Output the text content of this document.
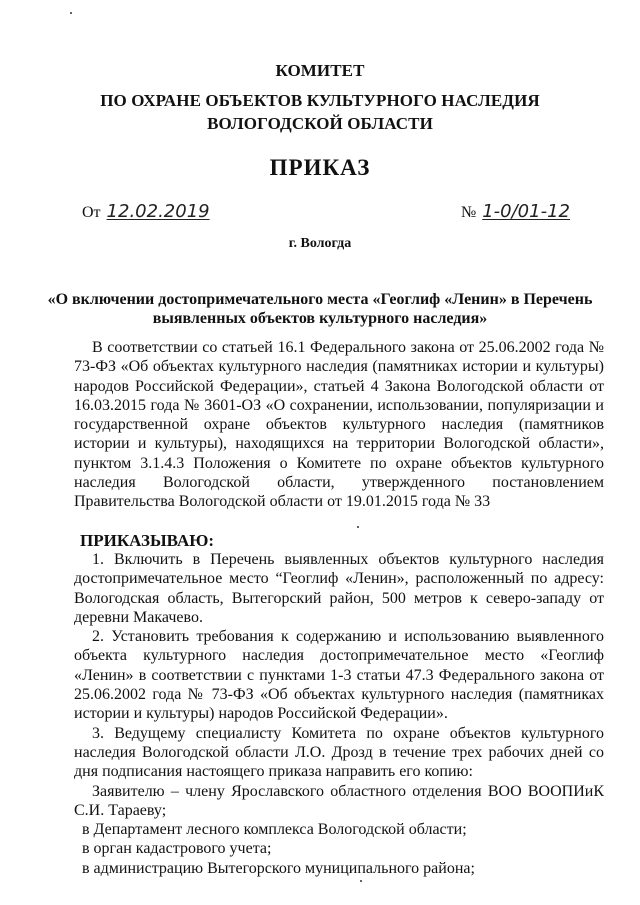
КОМИТЕТ
ПО ОХРАНЕ ОБЪЕКТОВ КУЛЬТУРНОГО НАСЛЕДИЯ
ВОЛОГОДСКОЙ ОБЛАСТИ
ПРИКАЗ
От 12.02.2019	№ 1-0/01-12
г. Вологда
«О включении достопримечательного места «Геоглиф «Ленин» в Перечень выявленных объектов культурного наследия»

В соответствии со статьей 16.1 Федерального закона от 25.06.2002 года № 73-ФЗ «Об объектах культурного наследия (памятниках истории и культуры) народов Российской Федерации», статьей 4 Закона Вологодской области от 16.03.2015 года № 3601-ОЗ «О сохранении, использовании, популяризации и государственной охране объектов культурного наследия (памятников истории и культуры), находящихся на территории Вологодской области», пунктом 3.1.4.3 Положения о Комитете по охране объектов культурного наследия Вологодской области, утвержденного постановлением Правительства Вологодской области от 19.01.2015 года № 33

ПРИКАЗЫВАЮ:

1. Включить в Перечень выявленных объектов культурного наследия достопримечательное место “Геоглиф «Ленин», расположенный по адресу: Вологодская область, Вытегорский район, 500 метров к северо-западу от деревни Макачево.

2. Установить требования к содержанию и использованию выявленного объекта культурного наследия достопримечательное место «Геоглиф «Ленин» в соответствии с пунктами 1-3 статьи 47.3 Федерального закона от 25.06.2002 года № 73-ФЗ «Об объектах культурного наследия (памятниках истории и культуры) народов Российской Федерации».

3. Ведущему специалисту Комитета по охране объектов культурного наследия Вологодской области Л.О. Дрозд в течение трех рабочих дней со дня подписания настоящего приказа направить его копию:

Заявителю – члену Ярославского областного отделения ВОО ВООПИиК С.И. Тараеву;

в Департамент лесного комплекса Вологодской области;

в орган кадастрового учета;

в администрацию Вытегорского муниципального района;
